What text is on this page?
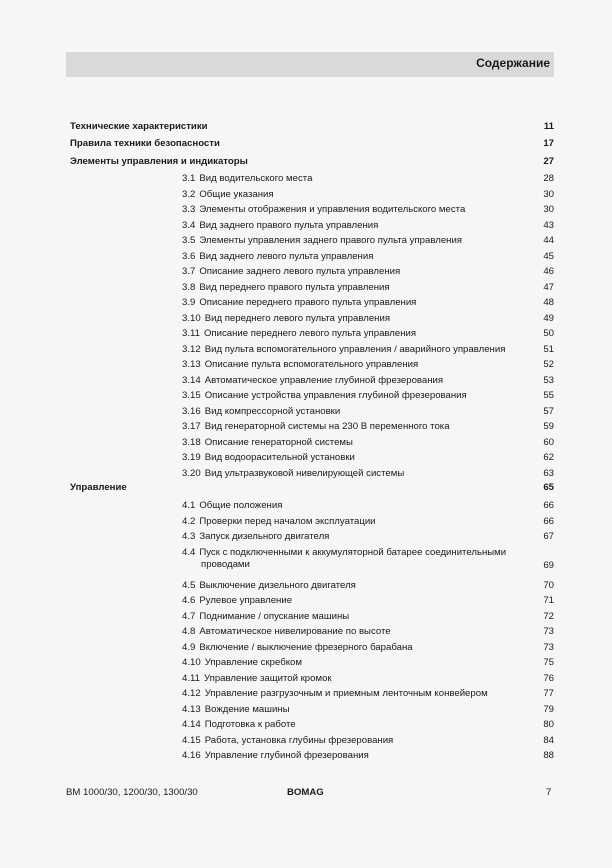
Содержание
Технические характеристики	11
Правила техники безопасности	17
Элементы управления и индикаторы	27
3.1 Вид водительского места	28
3.2 Общие указания	30
3.3 Элементы отображения и управления водительского места	30
3.4 Вид заднего правого пульта управления	43
3.5 Элементы управления заднего правого пульта управления	44
3.6 Вид заднего левого пульта управления	45
3.7 Описание заднего левого пульта управления	46
3.8 Вид переднего правого пульта управления	47
3.9 Описание переднего правого пульта управления	48
3.10 Вид переднего левого пульта управления	49
3.11 Описание переднего левого пульта управления	50
3.12 Вид пульта вспомогательного управления / аварийного управления	51
3.13 Описание пульта вспомогательного управления	52
3.14 Автоматическое управление глубиной фрезерования	53
3.15 Описание устройства управления глубиной фрезерования	55
3.16 Вид компрессорной установки	57
3.17 Вид генераторной системы на 230 В переменного тока	59
3.18 Описание генераторной системы	60
3.19 Вид водоорасительной установки	62
3.20 Вид ультразвуковой нивелирующей системы	63
Управление	65
4.1 Общие положения	66
4.2 Проверки перед началом эксплуатации	66
4.3 Запуск дизельного двигателя	67
4.4 Пуск с подключенными к аккумуляторной батарее соединительными
проводами	69
4.5 Выключение дизельного двигателя	70
4.6 Рулевое управление	71
4.7 Поднимание / опускание машины	72
4.8 Автоматическое нивелирование по высоте	73
4.9 Включение / выключение фрезерного барабана	73
4.10 Управление скребком	75
4.11 Управление защитой кромок	76
4.12 Управление разгрузочным и приемным ленточным конвейером	77
4.13 Вождение машины	79
4.14 Подготовка к работе	80
4.15 Работа, установка глубины фрезерования	84
4.16 Управление глубиной фрезерования	88
BM 1000/30, 1200/30, 1300/30	BOMAG	7
